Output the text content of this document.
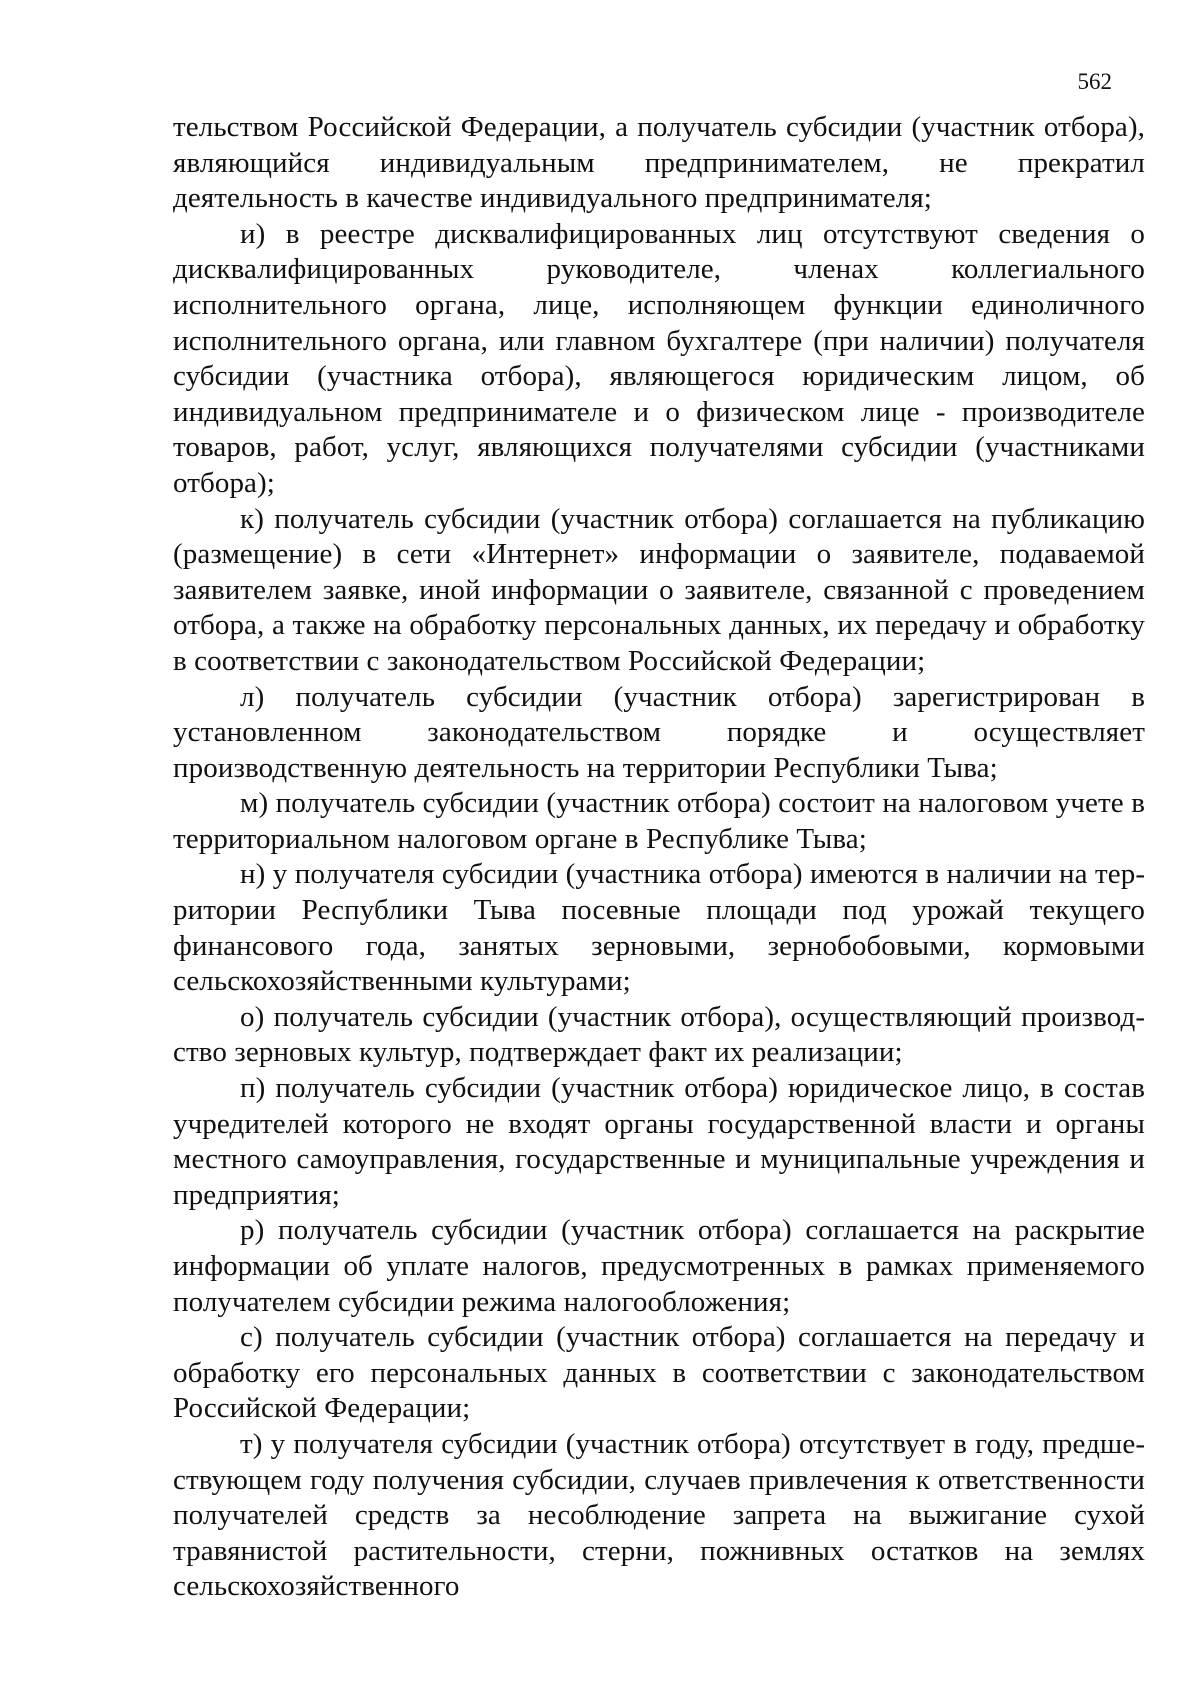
562

тельством Российской Федерации, а получатель субсидии (участник отбора), являющийся индивидуальным предпринимателем, не прекратил деятельность в качестве индивидуального предпринимателя;

и) в реестре дисквалифицированных лиц отсутствуют сведения о дисквалифицированных руководителе, членах коллегиального исполнительного органа, лице, исполняющем функции единоличного исполнительного органа, или главном бухгалтере (при наличии) получателя субсидии (участника отбора), являющегося юридическим лицом, об индивидуальном предпринимателе и о физическом лице - производителе товаров, работ, услуг, являющихся получателями субсидии (участниками отбора);

к) получатель субсидии (участник отбора) соглашается на публикацию (размещение) в сети «Интернет» информации о заявителе, подаваемой заявителем заявке, иной информации о заявителе, связанной с проведением отбора, а также на обработку персональных данных, их передачу и обработку в соответствии с законодательством Российской Федерации;

л) получатель субсидии (участник отбора) зарегистрирован в установленном законодательством порядке и осуществляет производственную деятельность на территории Республики Тыва;

м) получатель субсидии (участник отбора) состоит на налоговом учете в территориальном налоговом органе в Республике Тыва;

н) у получателя субсидии (участника отбора) имеются в наличии на территории Республики Тыва посевные площади под урожай текущего финансового года, занятых зерновыми, зернобобовыми, кормовыми сельскохозяйственными культурами;

о) получатель субсидии (участник отбора), осуществляющий производство зерновых культур, подтверждает факт их реализации;

п) получатель субсидии (участник отбора) юридическое лицо, в состав учредителей которого не входят органы государственной власти и органы местного самоуправления, государственные и муниципальные учреждения и предприятия;

р) получатель субсидии (участник отбора) соглашается на раскрытие информации об уплате налогов, предусмотренных в рамках применяемого получателем субсидии режима налогообложения;

с) получатель субсидии (участник отбора) соглашается на передачу и обработку его персональных данных в соответствии с законодательством Российской Федерации;

т) у получателя субсидии (участник отбора) отсутствует в году, предшествующем году получения субсидии, случаев привлечения к ответственности получателей средств за несоблюдение запрета на выжигание сухой травянистой растительности, стерни, пожнивных остатков на землях сельскохозяйственного
